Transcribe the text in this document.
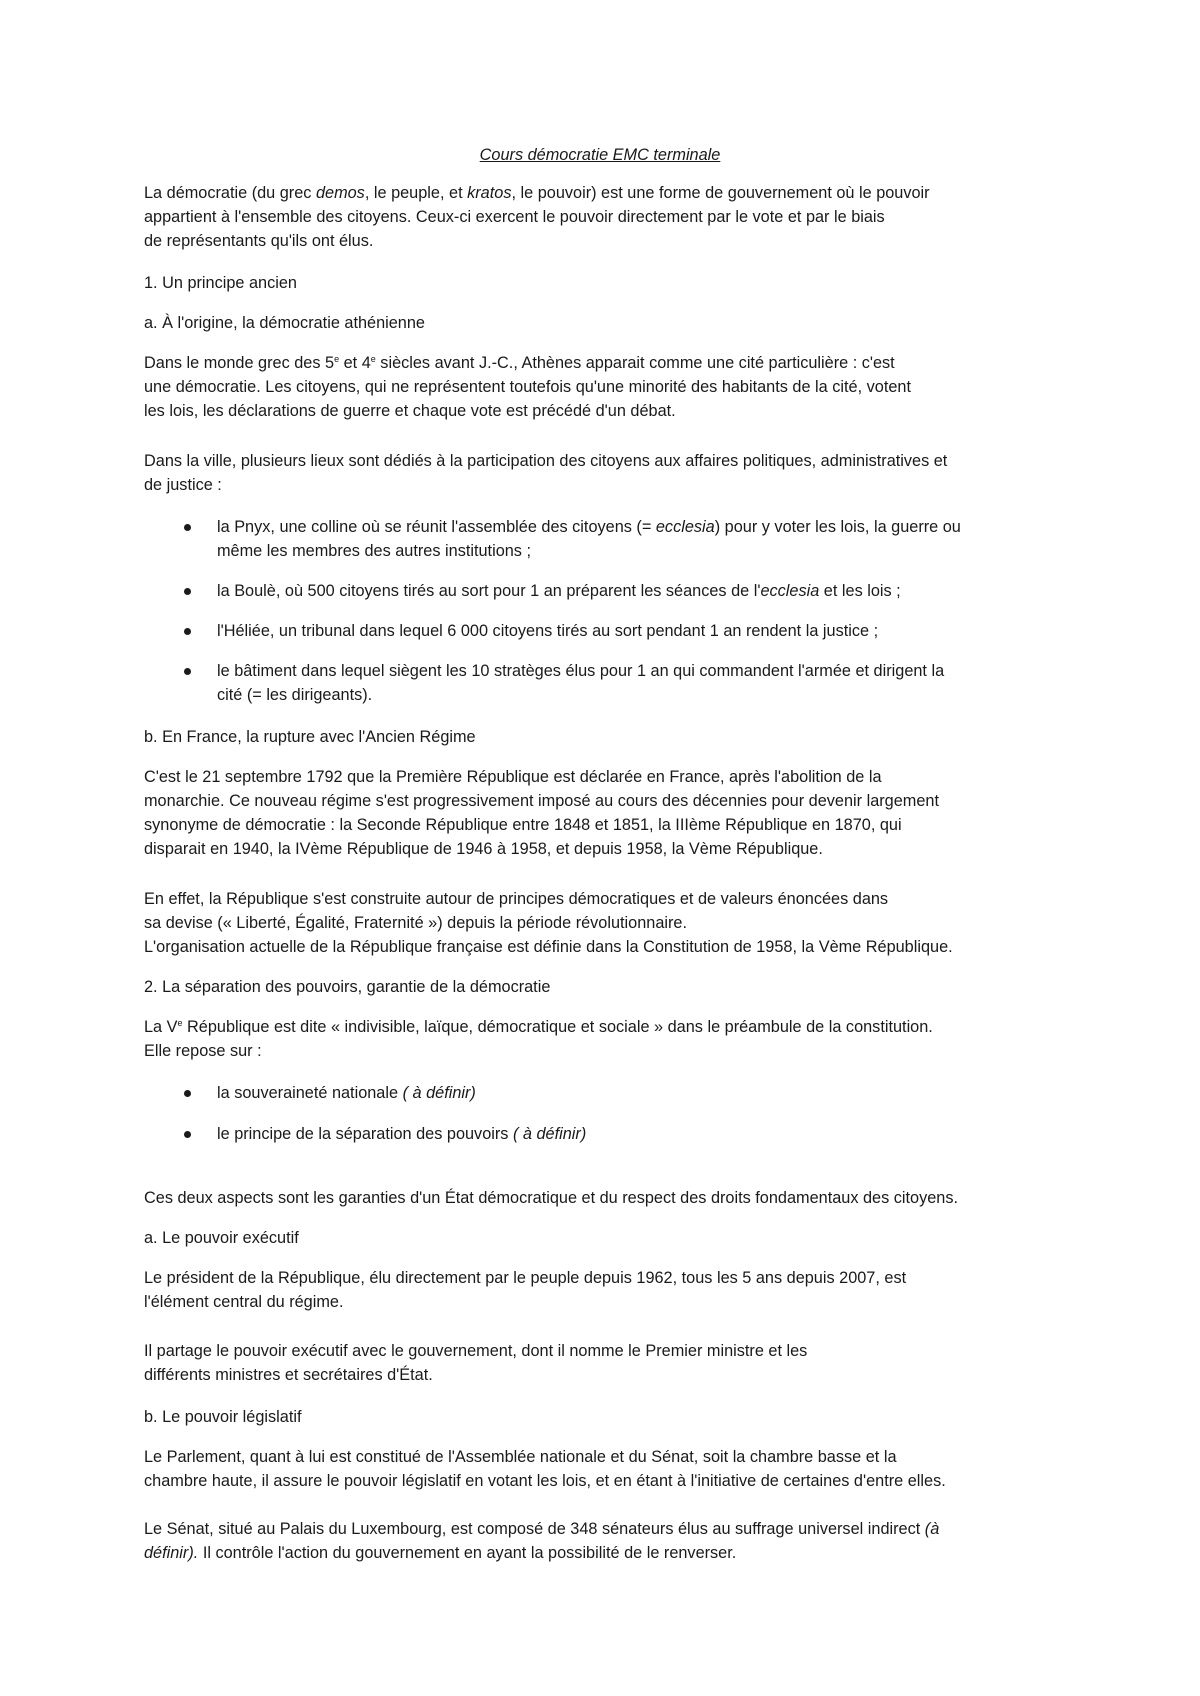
Cours démocratie EMC terminale

La démocratie (du grec demos, le peuple, et kratos, le pouvoir) est une forme de gouvernement où le pouvoir
appartient à l'ensemble des citoyens. Ceux-ci exercent le pouvoir directement par le vote et par le biais
de représentants qu'ils ont élus.

1. Un principe ancien

a. À l'origine, la démocratie athénienne

Dans le monde grec des 5e et 4e siècles avant J.-C., Athènes apparait comme une cité particulière : c'est
une démocratie. Les citoyens, qui ne représentent toutefois qu'une minorité des habitants de la cité, votent
les lois, les déclarations de guerre et chaque vote est précédé d'un débat.

Dans la ville, plusieurs lieux sont dédiés à la participation des citoyens aux affaires politiques, administratives et
de justice :

la Pnyx, une colline où se réunit l'assemblée des citoyens (= ecclesia) pour y voter les lois, la guerre ou
même les membres des autres institutions ;
la Boulè, où 500 citoyens tirés au sort pour 1 an préparent les séances de l'ecclesia et les lois ;
l'Héliée, un tribunal dans lequel 6 000 citoyens tirés au sort pendant 1 an rendent la justice ;
le bâtiment dans lequel siègent les 10 stratèges élus pour 1 an qui commandent l'armée et dirigent la
cité (= les dirigeants).

b. En France, la rupture avec l'Ancien Régime

C'est le 21 septembre 1792 que la Première République est déclarée en France, après l'abolition de la
monarchie. Ce nouveau régime s'est progressivement imposé au cours des décennies pour devenir largement
synonyme de démocratie : la Seconde République entre 1848 et 1851, la IIIème République en 1870, qui
disparait en 1940, la IVème République de 1946 à 1958, et depuis 1958, la Vème République.

En effet, la République s'est construite autour de principes démocratiques et de valeurs énoncées dans
sa devise (« Liberté, Égalité, Fraternité ») depuis la période révolutionnaire.
L'organisation actuelle de la République française est définie dans la Constitution de 1958, la Vème République.

2. La séparation des pouvoirs, garantie de la démocratie

La Ve République est dite « indivisible, laïque, démocratique et sociale » dans le préambule de la constitution.
Elle repose sur :

la souveraineté nationale ( à définir)
le principe de la séparation des pouvoirs ( à définir)

Ces deux aspects sont les garanties d'un État démocratique et du respect des droits fondamentaux des citoyens.

a. Le pouvoir exécutif

Le président de la République, élu directement par le peuple depuis 1962, tous les 5 ans depuis 2007, est
l'élément central du régime.

Il partage le pouvoir exécutif avec le gouvernement, dont il nomme le Premier ministre et les
différents ministres et secrétaires d'État.

b. Le pouvoir législatif

Le Parlement, quant à lui est constitué de l'Assemblée nationale et du Sénat, soit la chambre basse et la
chambre haute, il assure le pouvoir législatif en votant les lois, et en étant à l'initiative de certaines d'entre elles.

Le Sénat, situé au Palais du Luxembourg, est composé de 348 sénateurs élus au suffrage universel indirect (à
définir). Il contrôle l'action du gouvernement en ayant la possibilité de le renverser.
